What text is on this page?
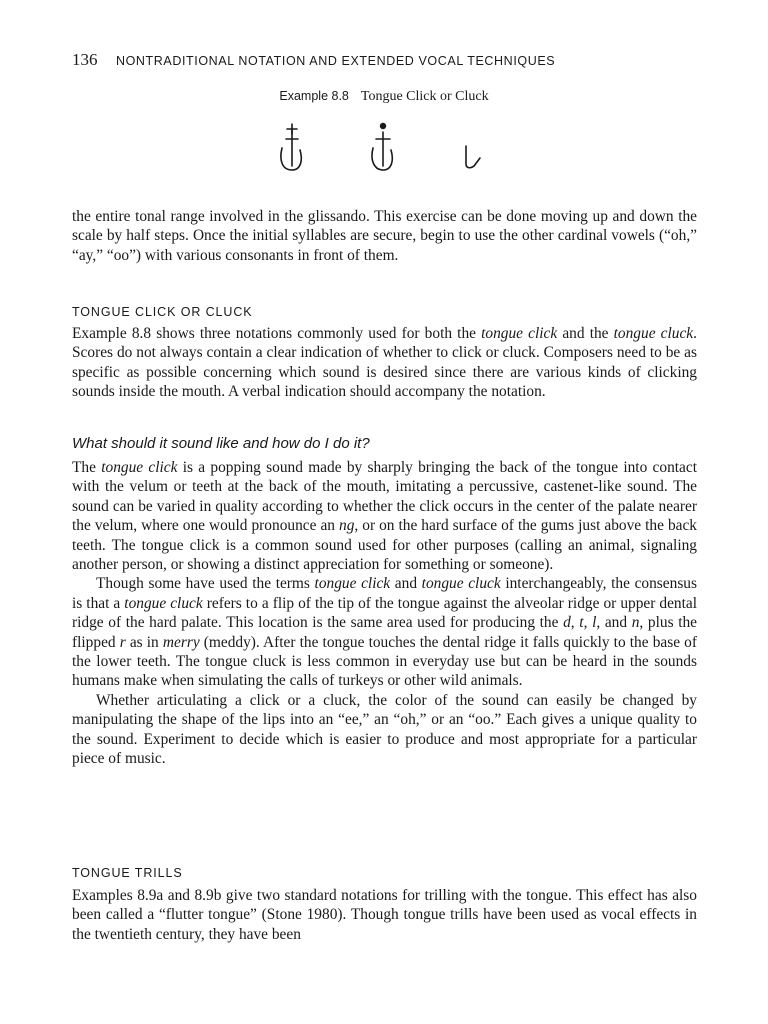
136 NONTRADITIONAL NOTATION AND EXTENDED VOCAL TECHNIQUES
Example 8.8 Tongue Click or Cluck

the entire tonal range involved in the glissando. This exercise can be done moving up and down the scale by half steps. Once the initial syllables are secure, begin to use the other cardinal vowels (“oh,” “ay,” “oo”) with various consonants in front of them.

TONGUE CLICK OR CLUCK

Example 8.8 shows three notations commonly used for both the tongue click and the tongue cluck. Scores do not always contain a clear indication of whether to click or cluck. Composers need to be as specific as possible concerning which sound is desired since there are various kinds of clicking sounds inside the mouth. A verbal indication should accompany the notation.

What should it sound like and how do I do it?

The tongue click is a popping sound made by sharply bringing the back of the tongue into contact with the velum or teeth at the back of the mouth, imitating a percussive, castenet-like sound. The sound can be varied in quality according to whether the click occurs in the center of the palate nearer the velum, where one would pronounce an ng, or on the hard surface of the gums just above the back teeth. The tongue click is a common sound used for other purposes (calling an animal, signaling another person, or showing a distinct appreciation for something or someone).

Though some have used the terms tongue click and tongue cluck interchangeably, the consensus is that a tongue cluck refers to a flip of the tip of the tongue against the alveolar ridge or upper dental ridge of the hard palate. This location is the same area used for producing the d, t, l, and n, plus the flipped r as in merry (meddy). After the tongue touches the dental ridge it falls quickly to the base of the lower teeth. The tongue cluck is less common in everyday use but can be heard in the sounds humans make when simulating the calls of turkeys or other wild animals.

Whether articulating a click or a cluck, the color of the sound can easily be changed by manipulating the shape of the lips into an “ee,” an “oh,” or an “oo.” Each gives a unique quality to the sound. Experiment to decide which is easier to produce and most appropriate for a particular piece of music.

TONGUE TRILLS

Examples 8.9a and 8.9b give two standard notations for trilling with the tongue. This effect has also been called a “flutter tongue” (Stone 1980). Though tongue trills have been used as vocal effects in the twentieth century, they have been
